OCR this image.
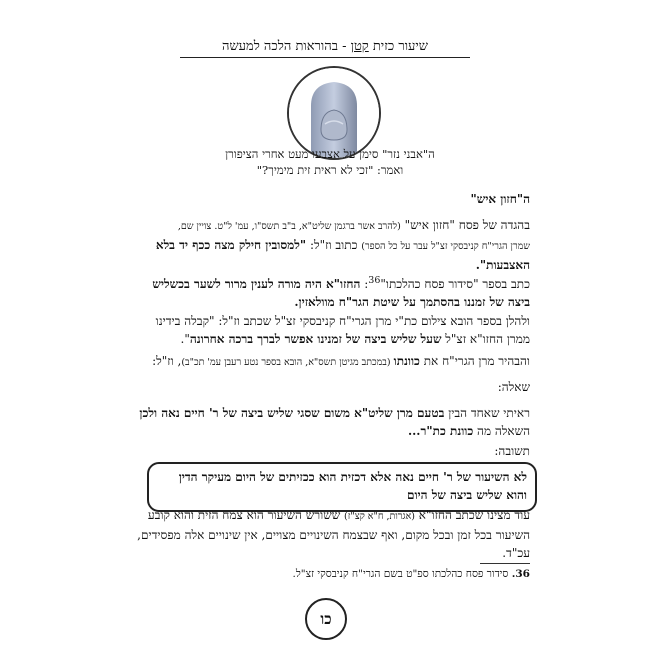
שיעור כזית קטן - בהוראות הלכה למעשה
ה"אבני נזר" סימן על אצבעו מעט אחרי הציפורן
ואמר: "זכי לא ראית זית מימיך?"
ה"חזון איש"
בהגדה של פסח "חזון איש" (להרב אשר ברגמן שליט"א, ב"ב תשס"ו, עמ' ל"ט. צויין שם,
שמרן הגרי"ח קניבסקי זצ"ל עבר על כל הספר) כתוב וז"ל: "למסובין חילק מצה ככף יד בלא
האצבעות".
כתב בספר "סידור פסח כהלכתו"$^{36}$: החזו"א היה מורה לענין מרור לשער בכשליש
ביצה של זמננו בהסתמך על שיטת הגר"ח מוולאזין.
ולהלן בספר הובא צילום כת"י מרן הגרי"ח קניבסקי זצ"ל שכתב וז"ל: "קבלה בידינו
ממרן החזו"א זצ"ל שעל שליש ביצה של זמנינו אפשר לברך ברכה אחרונה".
והבהיר מרן הגרי"ח את כוונתו (במכתב מגיטן תשס"א, הובא בספר נטע רעבן עמ' תכ"ב), וז"ל:
שאלה:
ראיתי שאחד הבין בטעם מרן שליט"א משום שסגי שליש ביצה של ר' חיים נאה ולכן
השאלה מה כוונת כת"ר...
תשובה:
לא השיעור של ר' חיים נאה אלא דכזית הוא ככזיתים של היום מעיקר הדין
והוא שליש ביצה של היום
עוד מצינו שכתב החזו"א (אגרות, ח"א קצ"ז) ששורש השיעור הוא צמח הזית והוא קובע
השיעור בכל זמן ובכל מקום, ואף שבצמח השינויים מצויים, אין שינויים אלה מפסידים,
עכ"ד.
36. סידור פסח כהלכתו ספ"ט בשם הגרי"ח קניבסקי זצ"ל.
כו
